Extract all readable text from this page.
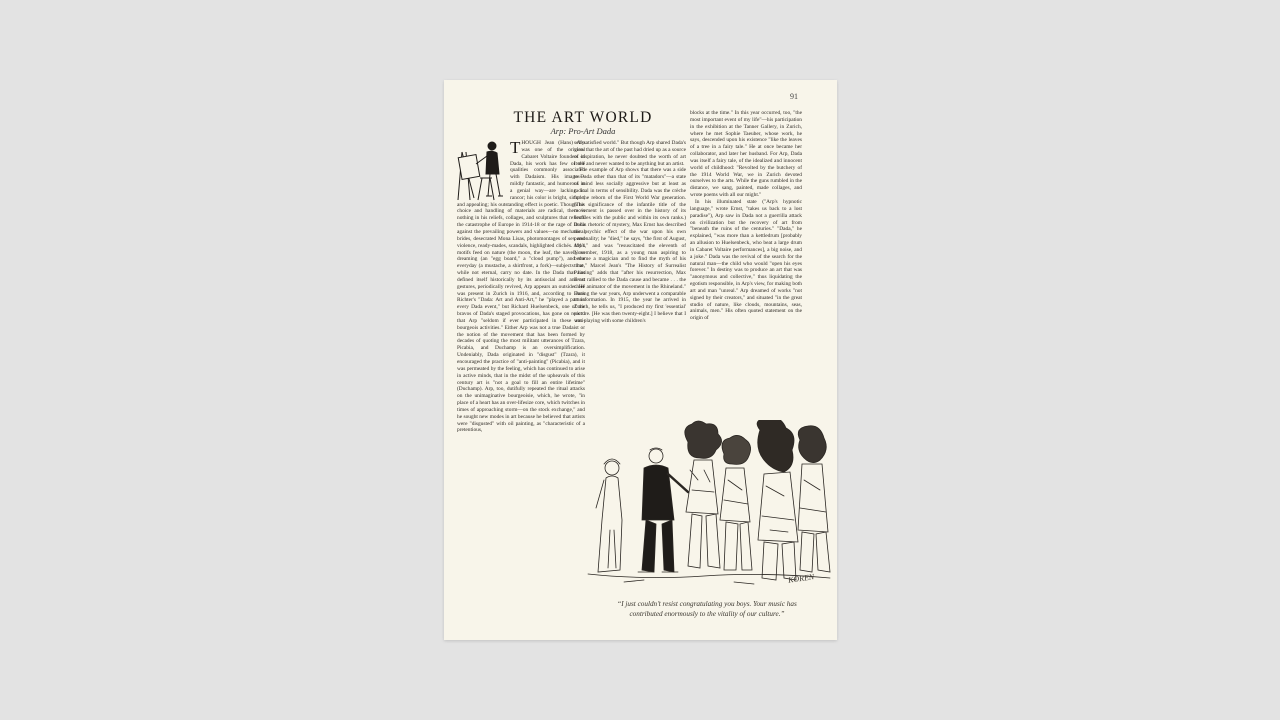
91
THE ART WORLD
Arp: Pro-Art Dada
T HOUGH Jean (Hans) Arp was one of the original Cabaret Voltaire founders of Dada, his work has few of the qualities commonly associated with Dadaism. His images—mildly fantastic, and humorous in a genial way—are lacking in rancor; his color is bright, simple, and appealing; his outstanding effect is poetic. Though his choice and handling of materials are radical, there is nothing in his reliefs, collages, and sculptures that reflects the catastrophe of Europe in 1914-18 or the rage of Dada against the prevailing powers and values—no mechanical brides, desecrated Mona Lisas, photomontages of sex and violence, ready-mades, scandals, highlighted clichés. Arp's motifs feed on nature (the moon, the leaf, the navel), on dreaming (an "egg board," a "cloud pump"), and the everyday (a mustache, a shirtfront, a fork)—subjects that, while not eternal, carry no date. In the Dada that has defined itself historically by its antisocial and anti-art gestures, periodically revived, Arp appears an outsider. He was present in Zurich in 1916, and, according to Hans Richter's "Dada: Art and Anti-Art," he "played a part in every Dada event," but Richard Huelsenbeck, one of the bravos of Dada's staged provocations, has gone on record that Arp "seldom if ever participated in these anti-bourgeois activities." Either Arp was not a true Dadaist or the notion of the movement that has been formed by decades of quoting the most militant utterances of Tzara, Picabia, and Duchamp is an oversimplification. Undeniably, Dada originated in "disgust" (Tzara), it encouraged the practice of "anti-painting" (Picabia), and it was permeated by the feeling, which has continued to arise in active minds, that in the midst of the upheavals of this century art is "not a goal to fill an entire lifetime" (Duchamp). Arp, too, dutifully repeated the ritual attacks on the unimaginative bourgeoisie, which, he wrote, "in place of a heart has an over-lifesize core, which twitches in times of approaching storm—on the stock exchange," and he sought new modes in art because he believed that artists were "disgusted" with oil painting, as "characteristic of a pretentious,

self-satisfied world." But though Arp shared Dada's view that the art of the past had dried up as a source of inspiration, he never doubted the worth of art itself and never wanted to be anything but an artist.

The example of Arp shows that there was a side to Dada other than that of its "matadors"—a state of mind less socially aggressive but at least as radical in terms of sensibility. Dada was the crèche for the reborn of the First World War generation. (The significance of the infantile title of the movement is passed over in the history of its scuffles with the public and within its own ranks.) In his rhetoric of mystery, Max Ernst has described the psychic effect of the war upon his own personality; he "died," he says, "the first of August, 1914," and was "resuscitated the eleventh of November, 1918, as a young man aspiring to become a magician and to find the myth of his time." Marcel Jean's "The History of Surrealist Painting" adds that "after his resurrection, Max Ernst rallied to the Dada cause and became . . . the chief animator of the movement in the Rhineland." During the war years, Arp underwent a comparable transformation. In 1915, the year he arrived in Zurich, he tells us, "I produced my first 'essential' picture. [He was then twenty-eight.] I believe that I was playing with some children's

blocks at the time." In this year occurred, too, "the most important event of my life"—his participation in the exhibition at the Tanner Gallery, in Zurich, where he met Sophie Taeuber, whose work, he says, descended upon his existence "like the leaves of a tree in a fairy tale." He at once became her collaborator, and later her husband. For Arp, Dada was itself a fairy tale, of the idealized and innocent world of childhood: "Revolted by the butchery of the 1914 World War, we in Zurich devoted ourselves to the arts. While the guns rumbled in the distance, we sang, painted, made collages, and wrote poems with all our might."

In his illuminated state ("Arp's hypnotic language," wrote Ernst, "takes us back to a lost paradise"), Arp saw in Dada not a guerrilla attack on civilization but the recovery of art from "beneath the ruins of the centuries." "Dada," he explained, "was more than a kettledrum [probably an allusion to Huelsenbeck, who beat a large drum in Cabaret Voltaire performances], a big noise, and a joke." Dada was the revival of the search for the natural man—the child who would "open his eyes forever." In destiny was to produce an art that was "anonymous and collective," thus liquidating the egotism responsible, in Arp's view, for making both art and man "unreal." Arp dreamed of works "not signed by their creators," and situated "in the great studio of nature, like clouds, mountains, seas, animals, men." His often quoted statement on the origin of

KOREN
“I just couldn’t resist congratulating you boys. Your music has
contributed enormously to the vitality of our culture.”
